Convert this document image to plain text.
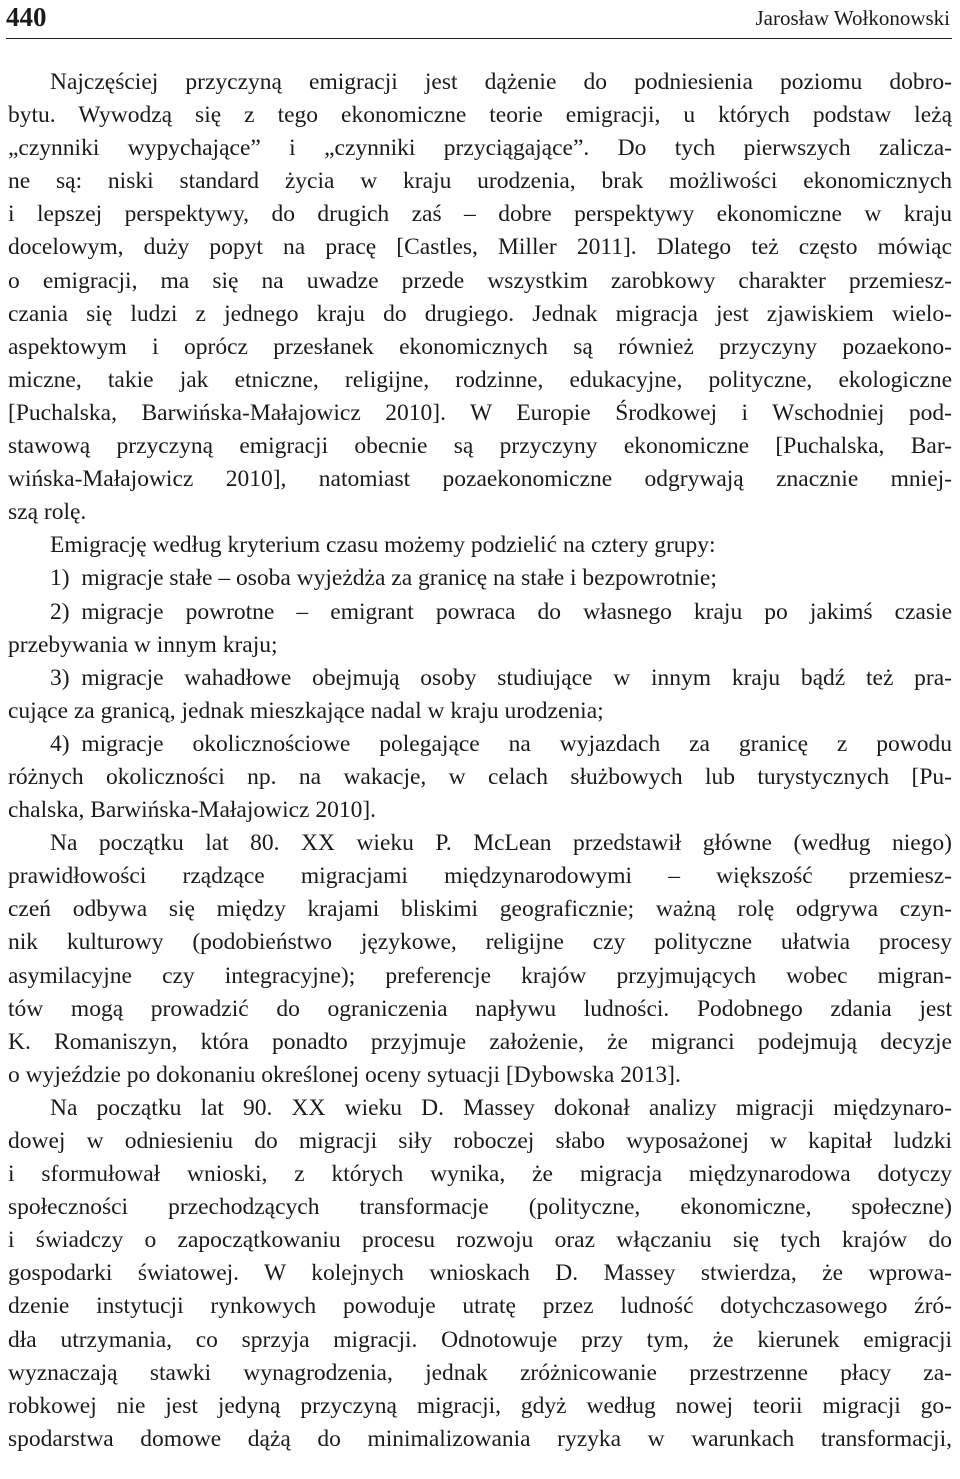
440	Jarosław Wołkonowski
Najczęściej przyczyną emigracji jest dążenie do podniesienia poziomu dobro-
bytu. Wywodzą się z tego ekonomiczne teorie emigracji, u których podstaw leżą
„czynniki wypychające” i „czynniki przyciągające”. Do tych pierwszych zalicza-
ne są: niski standard życia w kraju urodzenia, brak możliwości ekonomicznych
i lepszej perspektywy, do drugich zaś – dobre perspektywy ekonomiczne w kraju
docelowym, duży popyt na pracę [Castles, Miller 2011]. Dlatego też często mówiąc
o emigracji, ma się na uwadze przede wszystkim zarobkowy charakter przemiesz-
czania się ludzi z jednego kraju do drugiego. Jednak migracja jest zjawiskiem wielo-
aspektowym i oprócz przesłanek ekonomicznych są również przyczyny pozaekono-
miczne, takie jak etniczne, religijne, rodzinne, edukacyjne, polityczne, ekologiczne
[Puchalska, Barwińska-Małajowicz 2010]. W Europie Środkowej i Wschodniej pod-
stawową przyczyną emigracji obecnie są przyczyny ekonomiczne [Puchalska, Bar-
wińska-Małajowicz 2010], natomiast pozaekonomiczne odgrywają znacznie mniej-
szą rolę.
Emigrację według kryterium czasu możemy podzielić na cztery grupy:
1) migracje stałe – osoba wyjeżdża za granicę na stałe i bezpowrotnie;
2) migracje powrotne – emigrant powraca do własnego kraju po jakimś czasie
przebywania w innym kraju;
3) migracje wahadłowe obejmują osoby studiujące w innym kraju bądź też pra-
cujące za granicą, jednak mieszkające nadal w kraju urodzenia;
4) migracje okolicznościowe polegające na wyjazdach za granicę z powodu
różnych okoliczności np. na wakacje, w celach służbowych lub turystycznych [Pu-
chalska, Barwińska-Małajowicz 2010].
Na początku lat 80. XX wieku P. McLean przedstawił główne (według niego)
prawidłowości rządzące migracjami międzynarodowymi – większość przemiesz-
czeń odbywa się między krajami bliskimi geograficznie; ważną rolę odgrywa czyn-
nik kulturowy (podobieństwo językowe, religijne czy polityczne ułatwia procesy
asymilacyjne czy integracyjne); preferencje krajów przyjmujących wobec migran-
tów mogą prowadzić do ograniczenia napływu ludności. Podobnego zdania jest
K. Romaniszyn, która ponadto przyjmuje założenie, że migranci podejmują decyzje
o wyjeździe po dokonaniu określonej oceny sytuacji [Dybowska 2013].
Na początku lat 90. XX wieku D. Massey dokonał analizy migracji międzynaro-
dowej w odniesieniu do migracji siły roboczej słabo wyposażonej w kapitał ludzki
i sformułował wnioski, z których wynika, że migracja międzynarodowa dotyczy
społeczności przechodzących transformacje (polityczne, ekonomiczne, społeczne)
i świadczy o zapoczątkowaniu procesu rozwoju oraz włączaniu się tych krajów do
gospodarki światowej. W kolejnych wnioskach D. Massey stwierdza, że wprowa-
dzenie instytucji rynkowych powoduje utratę przez ludność dotychczasowego źró-
dła utrzymania, co sprzyja migracji. Odnotowuje przy tym, że kierunek emigracji
wyznaczają stawki wynagrodzenia, jednak zróżnicowanie przestrzenne płacy za-
robkowej nie jest jedyną przyczyną migracji, gdyż według nowej teorii migracji go-
spodarstwa domowe dążą do minimalizowania ryzyka w warunkach transformacji,
